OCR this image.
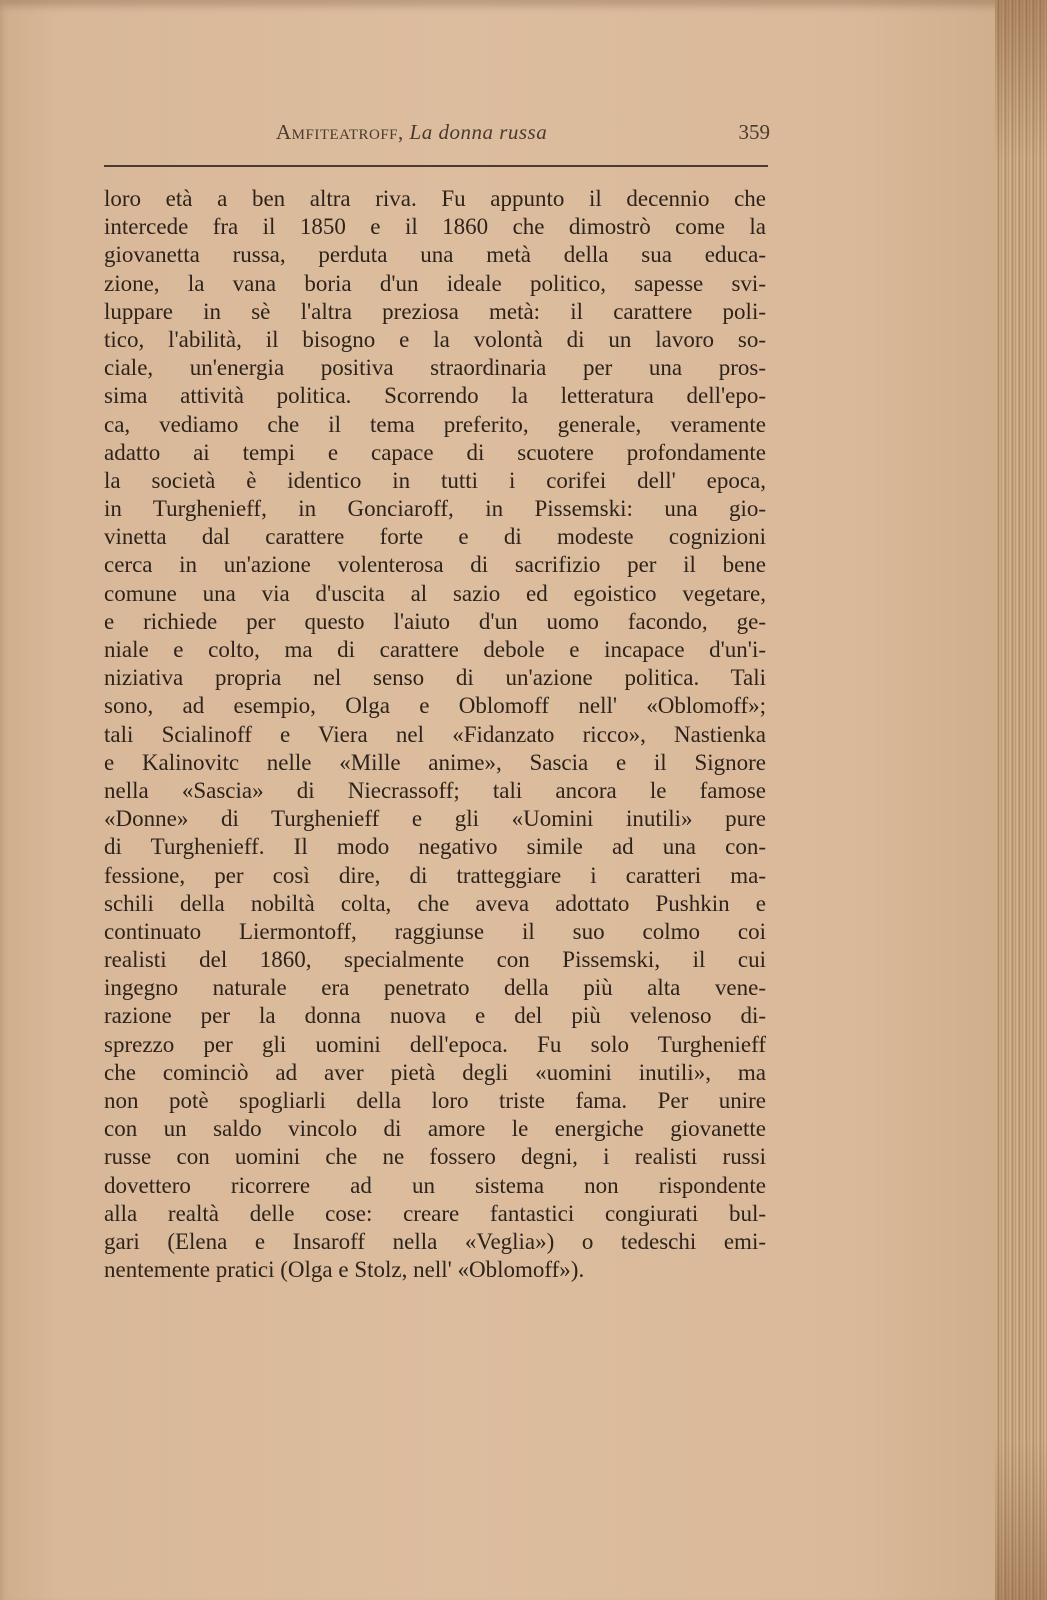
Amfiteatroff, La donna russa	359
loro età a ben altra riva. Fu appunto il decennio che
intercede fra il 1850 e il 1860 che dimostrò come la
giovanetta russa, perduta una metà della sua educa-
zione, la vana boria d'un ideale politico, sapesse svi-
luppare in sè l'altra preziosa metà: il carattere poli-
tico, l'abilità, il bisogno e la volontà di un lavoro so-
ciale, un'energia positiva straordinaria per una pros-
sima attività politica. Scorrendo la letteratura dell'epo-
ca, vediamo che il tema preferito, generale, veramente
adatto ai tempi e capace di scuotere profondamente
la società è identico in tutti i corifei dell' epoca,
in Turghenieff, in Gonciaroff, in Pissemski: una gio-
vinetta dal carattere forte e di modeste cognizioni
cerca in un'azione volenterosa di sacrifizio per il bene
comune una via d'uscita al sazio ed egoistico vegetare,
e richiede per questo l'aiuto d'un uomo facondo, ge-
niale e colto, ma di carattere debole e incapace d'un'i-
niziativa propria nel senso di un'azione politica. Tali
sono, ad esempio, Olga e Oblomoff nell' «Oblomoff»;
tali Scialinoff e Viera nel «Fidanzato ricco», Nastienka
e Kalinovitc nelle «Mille anime», Sascia e il Signore
nella «Sascia» di Niecrassoff; tali ancora le famose
«Donne» di Turghenieff e gli «Uomini inutili» pure
di Turghenieff. Il modo negativo simile ad una con-
fessione, per così dire, di tratteggiare i caratteri ma-
schili della nobiltà colta, che aveva adottato Pushkin e
continuato Liermontoff, raggiunse il suo colmo coi
realisti del 1860, specialmente con Pissemski, il cui
ingegno naturale era penetrato della più alta vene-
razione per la donna nuova e del più velenoso di-
sprezzo per gli uomini dell'epoca. Fu solo Turghenieff
che cominciò ad aver pietà degli «uomini inutili», ma
non potè spogliarli della loro triste fama. Per unire
con un saldo vincolo di amore le energiche giovanette
russe con uomini che ne fossero degni, i realisti russi
dovettero ricorrere ad un sistema non rispondente
alla realtà delle cose: creare fantastici congiurati bul-
gari (Elena e Insaroff nella «Veglia») o tedeschi emi-
nentemente pratici (Olga e Stolz, nell' «Oblomoff»).
